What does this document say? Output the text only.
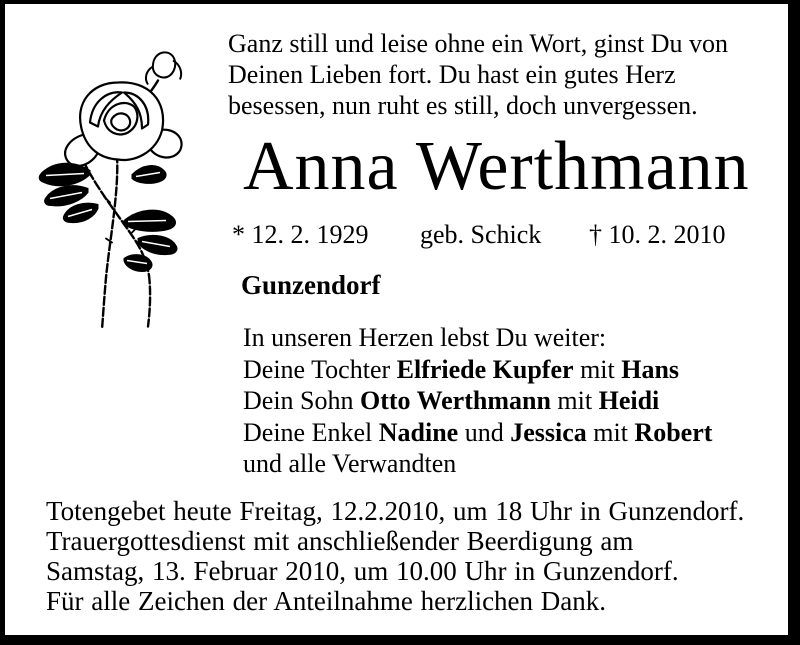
Ganz still und leise ohne ein Wort, ginst Du von
Deinen Lieben fort. Du hast ein gutes Herz
besessen, nun ruht es still, doch unvergessen.
Anna Werthmann
* 12. 2. 1929 geb. Schick † 10. 2. 2010
Gunzendorf
In unseren Herzen lebst Du weiter:
Deine Tochter Elfriede Kupfer mit Hans
Dein Sohn Otto Werthmann mit Heidi
Deine Enkel Nadine und Jessica mit Robert
und alle Verwandten
Totengebet heute Freitag, 12.2.2010, um 18 Uhr in Gunzendorf.
Trauergottesdienst mit anschließender Beerdigung am
Samstag, 13. Februar 2010, um 10.00 Uhr in Gunzendorf.
Für alle Zeichen der Anteilnahme herzlichen Dank.
